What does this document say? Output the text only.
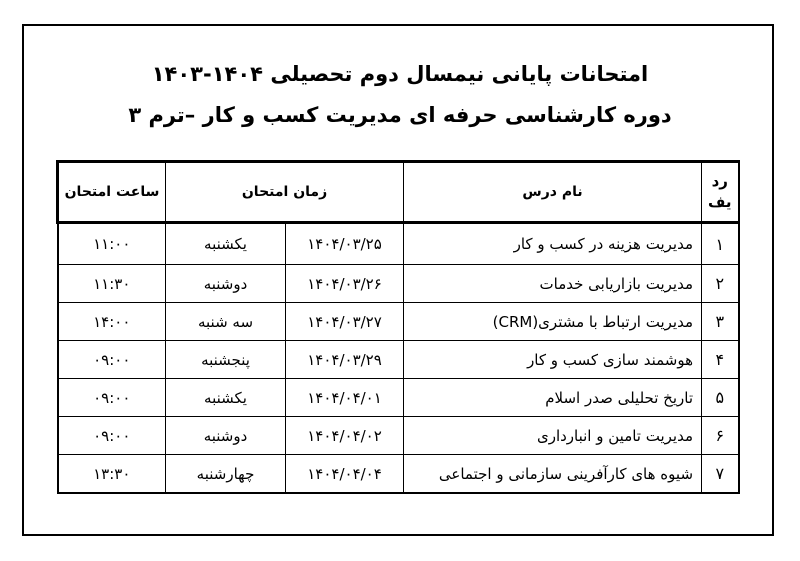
امتحانات پایانی نیمسال دوم تحصیلی ۱۴۰۴-۱۴۰۳
دوره کارشناسی حرفه ای مدیریت کسب و کار –ترم ۳
رد یف	نام درس	زمان امتحان		ساعت امتحان
۱	مدیریت هزینه در کسب و کار	۱۴۰۴/۰۳/۲۵	یکشنبه	۱۱:۰۰
۲	مدیریت بازاریابی خدمات	۱۴۰۴/۰۳/۲۶	دوشنبه	۱۱:۳۰
۳	مدیریت ارتباط با مشتری(CRM)	۱۴۰۴/۰۳/۲۷	سه شنبه	۱۴:۰۰
۴	هوشمند سازی کسب و کار	۱۴۰۴/۰۳/۲۹	پنجشنبه	۰۹:۰۰
۵	تاریخ تحلیلی صدر اسلام	۱۴۰۴/۰۴/۰۱	یکشنبه	۰۹:۰۰
۶	مدیریت تامین و انبارداری	۱۴۰۴/۰۴/۰۲	دوشنبه	۰۹:۰۰
۷	شیوه های کارآفرینی سازمانی و اجتماعی	۱۴۰۴/۰۴/۰۴	چهارشنبه	۱۳:۳۰
